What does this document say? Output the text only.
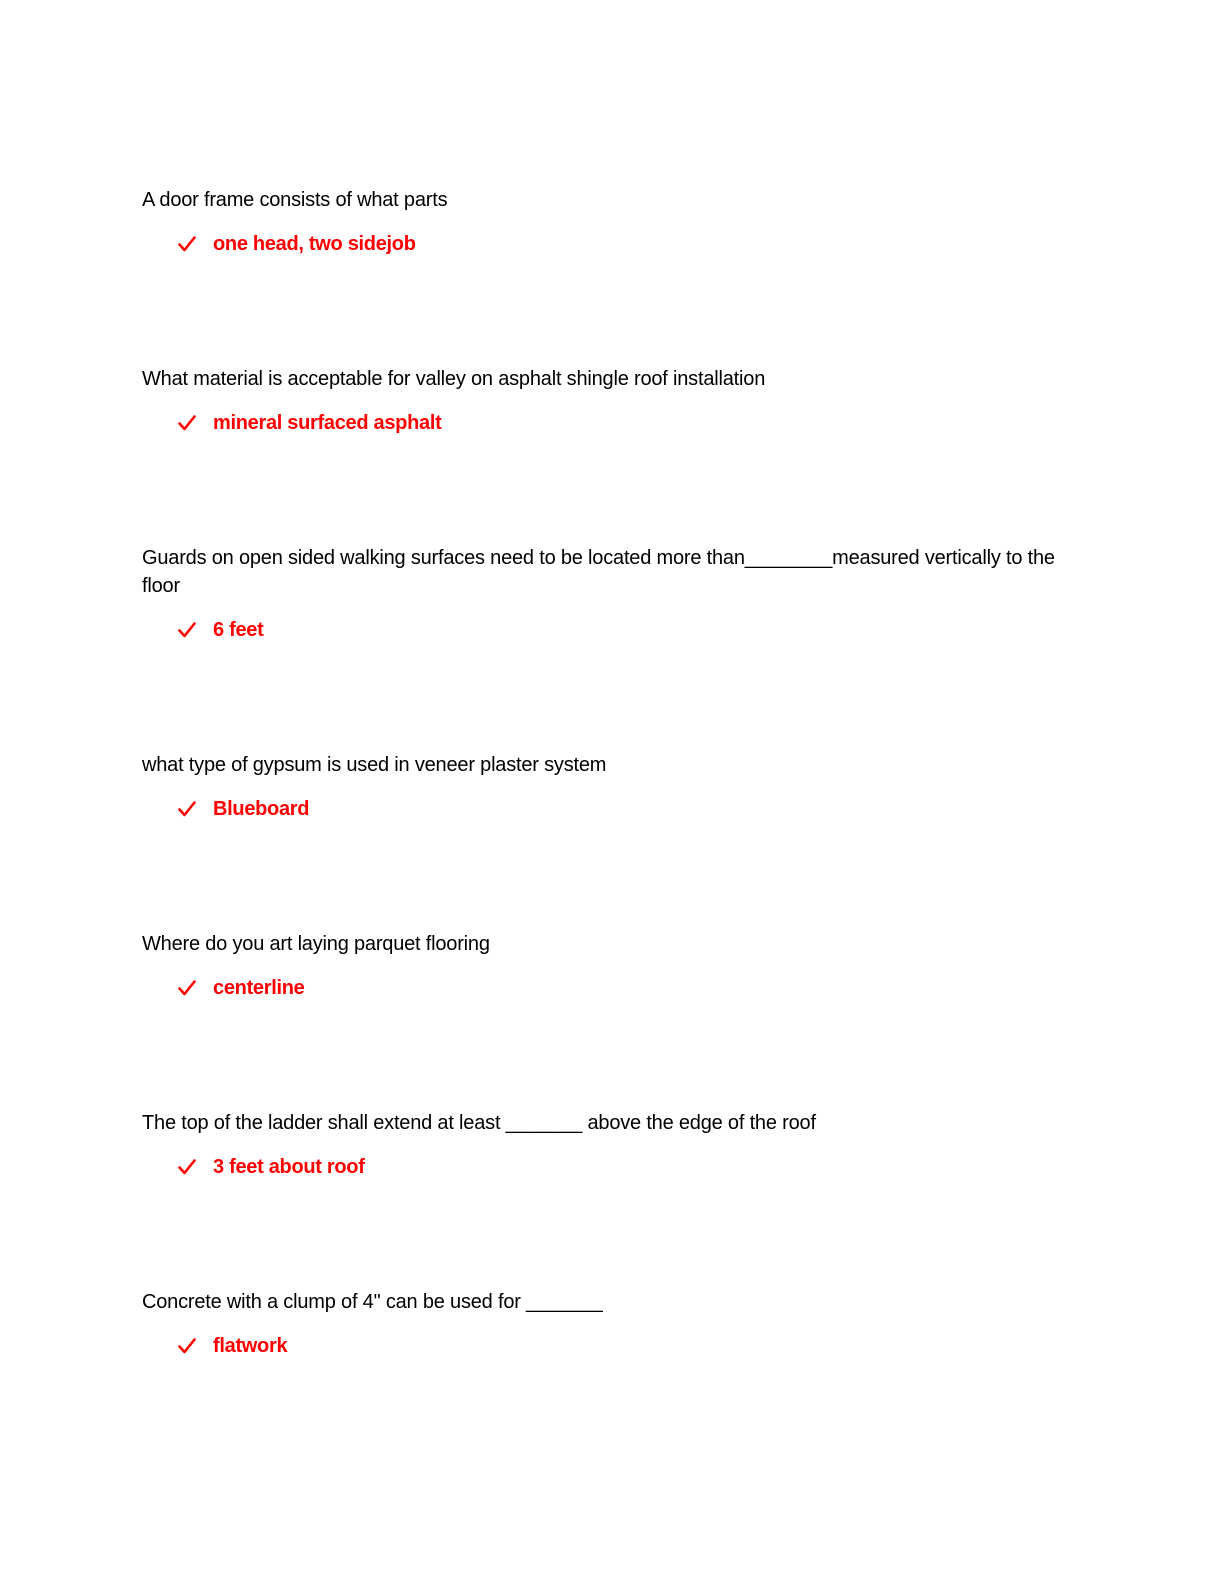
A door frame consists of what parts

one head, two sidejob

What material is acceptable for valley on asphalt shingle roof installation

mineral surfaced asphalt

Guards on open sided walking surfaces need to be located more than________measured vertically to the floor

6 feet

what type of gypsum is used in veneer plaster system

Blueboard

Where do you art laying parquet flooring

centerline

The top of the ladder shall extend at least _______ above the edge of the roof

3 feet about roof

Concrete with a clump of 4" can be used for _______

flatwork
